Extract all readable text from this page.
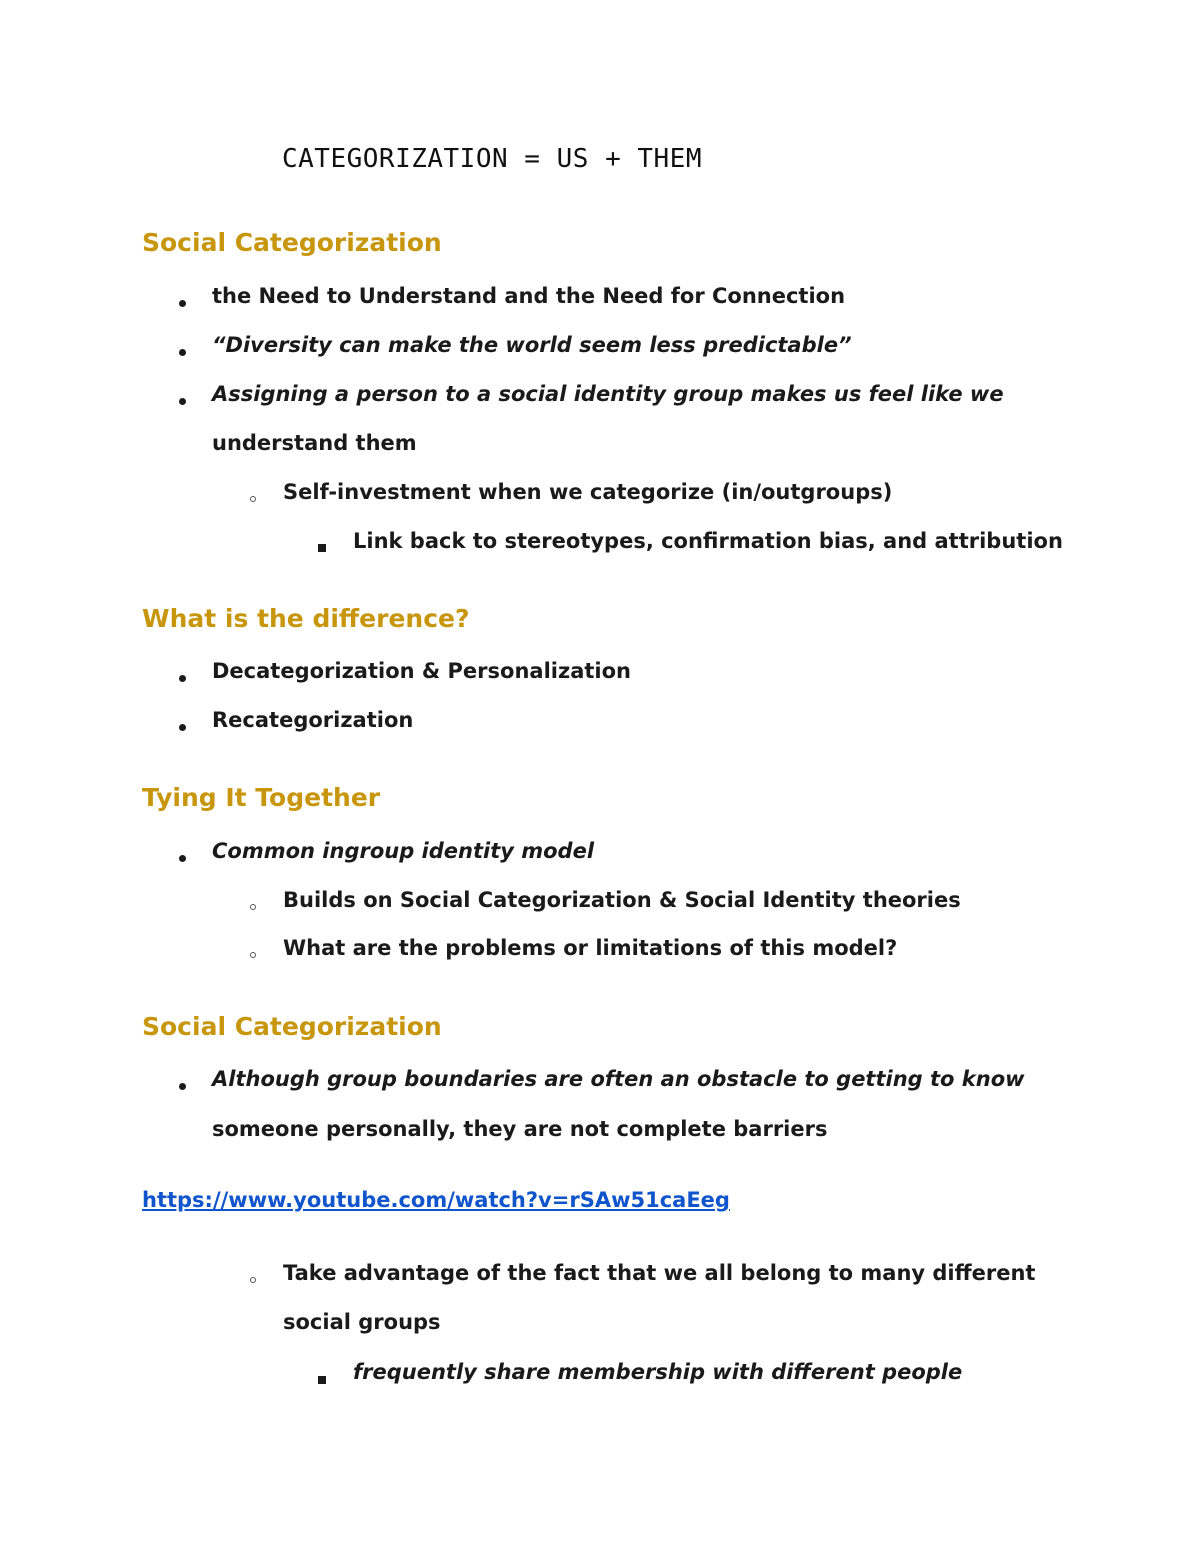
CATEGORIZATION = US + THEM
Social Categorization
the Need to Understand and the Need for Connection
“Diversity can make the world seem less predictable”
Assigning a person to a social identity group makes us feel like we
understand them
Self-investment when we categorize (in/outgroups)
Link back to stereotypes, confirmation bias, and attribution
What is the difference?
Decategorization & Personalization
Recategorization
Tying It Together
Common ingroup identity model
Builds on Social Categorization & Social Identity theories
What are the problems or limitations of this model?
Social Categorization
Although group boundaries are often an obstacle to getting to know
someone personally, they are not complete barriers
https://www.youtube.com/watch?v=rSAw51caEeg
Take advantage of the fact that we all belong to many different
social groups
frequently share membership with different people
